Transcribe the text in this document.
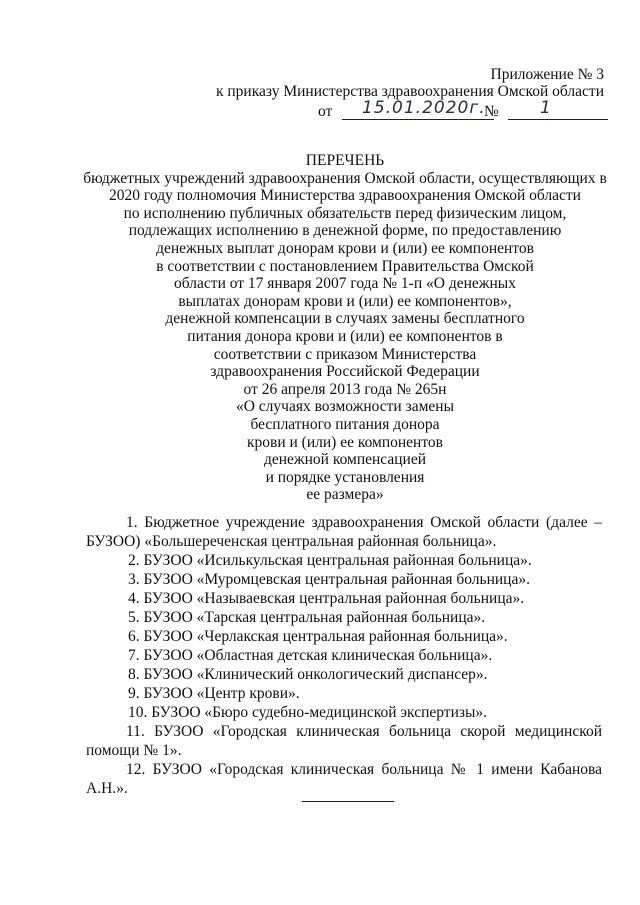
Приложение № 3
к приказу Министерства здравоохранения Омской области
от 15.01.2020г.
№ 1
ПЕРЕЧЕНЬ
бюджетных учреждений здравоохранения Омской области, осуществляющих в
2020 году полномочия Министерства здравоохранения Омской области
по исполнению публичных обязательств перед физическим лицом,
подлежащих исполнению в денежной форме, по предоставлению
денежных выплат донорам крови и (или) ее компонентов
в соответствии с постановлением Правительства Омской
области от 17 января 2007 года № 1-п «О денежных
выплатах донорам крови и (или) ее компонентов»,
денежной компенсации в случаях замены бесплатного
питания донора крови и (или) ее компонентов в
соответствии с приказом Министерства
здравоохранения Российской Федерации
от 26 апреля 2013 года № 265н
«О случаях возможности замены
бесплатного питания донора
крови и (или) ее компонентов
денежной компенсацией
и порядке установления
ее размера»

1. Бюджетное учреждение здравоохранения Омской области (далее – БУЗОО) «Большереченская центральная районная больница».

2. БУЗОО «Исилькульская центральная районная больница».

3. БУЗОО «Муромцевская центральная районная больница».

4. БУЗОО «Называевская центральная районная больница».

5. БУЗОО «Тарская центральная районная больница».

6. БУЗОО «Черлакская центральная районная больница».

7. БУЗОО «Областная детская клиническая больница».

8. БУЗОО «Клинический онкологический диспансер».

9. БУЗОО «Центр крови».

10. БУЗОО «Бюро судебно-медицинской экспертизы».

11. БУЗОО «Городская клиническая больница скорой медицинской помощи № 1».

12. БУЗОО «Городская клиническая больница № 1 имени Кабанова А.Н.».
